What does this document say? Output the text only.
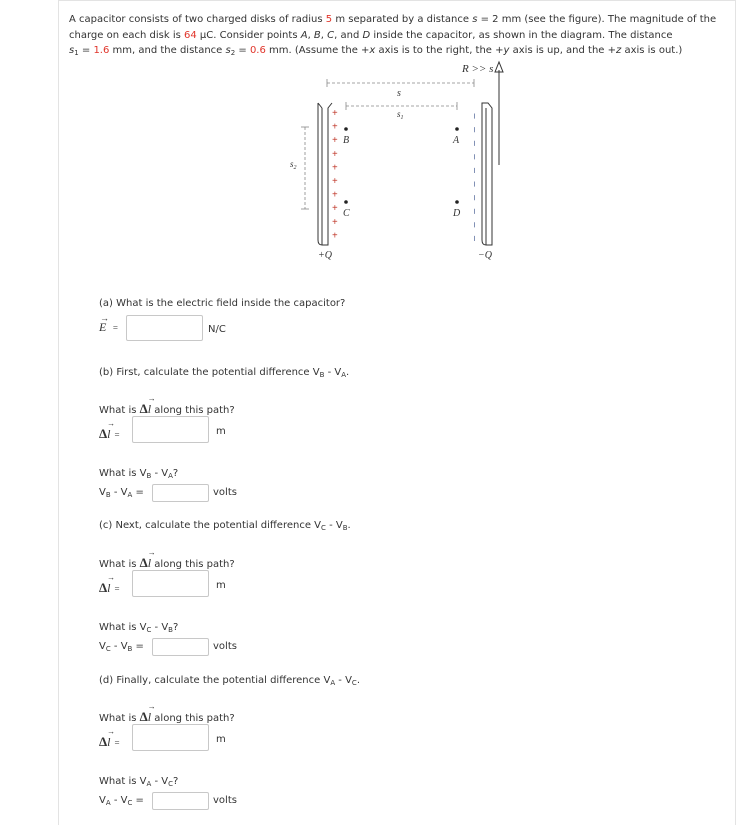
A capacitor consists of two charged disks of radius 5 m separated by a distance s = 2 mm (see the figure). The magnitude of the charge on each disk is 64 μC. Consider points A, B, C, and D inside the capacitor, as shown in the diagram. The distance
$s_1 = 1.6$ mm, and the distance $s_2 = 0.6$ mm. (Assume the +x axis is to the right, the +y axis is up, and the +z axis is out.)
R >> s
s
$s_1$
$s_2$
+
+
+
+
+
+
+
+
+
+
+Q
−
−
−
−
−
−
−
−
−
−
−Q
B
C
A
D
(a) What is the electric field inside the capacitor?
E
→
=	N/C
(b) First, calculate the potential difference $V_B - V_A$.
What is Δl
→
along this path?
Δl
→
=	m
What is $V_B - V_A$?
$V_B - V_A$ =	volts
(c) Next, calculate the potential difference $V_C - V_B$.
What is Δl
→
along this path?
Δl
→
=	m
What is $V_C - V_B$?
$V_C - V_B$ =	volts
(d) Finally, calculate the potential difference $V_A - V_C$.
What is Δl
→
along this path?
Δl
→
=	m
What is $V_A - V_C$?
$V_A - V_C$ =	volts
